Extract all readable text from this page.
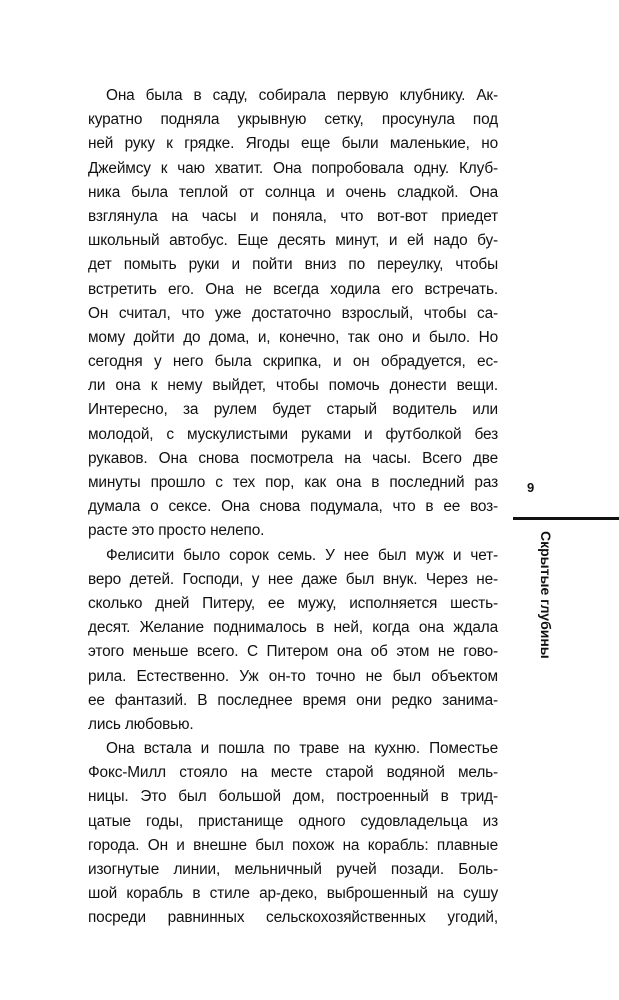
Она была в саду, собирала первую клубнику. Ак-
куратно подняла укрывную сетку, просунула под
ней руку к грядке. Ягоды еще были маленькие, но
Джеймсу к чаю хватит. Она попробовала одну. Клуб-
ника была теплой от солнца и очень сладкой. Она
взглянула на часы и поняла, что вот-вот приедет
школьный автобус. Еще десять минут, и ей надо бу-
дет помыть руки и пойти вниз по переулку, чтобы
встретить его. Она не всегда ходила его встречать.
Он считал, что уже достаточно взрослый, чтобы са-
мому дойти до дома, и, конечно, так оно и было. Но
сегодня у него была скрипка, и он обрадуется, ес-
ли она к нему выйдет, чтобы помочь донести вещи.
Интересно, за рулем будет старый водитель или
молодой, с мускулистыми руками и футболкой без
рукавов. Она снова посмотрела на часы. Всего две
минуты прошло с тех пор, как она в последний раз
думала о сексе. Она снова подумала, что в ее воз-
расте это просто нелепо.
Фелисити было сорок семь. У нее был муж и чет-
веро детей. Господи, у нее даже был внук. Через не-
сколько дней Питеру, ее мужу, исполняется шесть-
десят. Желание поднималось в ней, когда она ждала
этого меньше всего. С Питером она об этом не гово-
рила. Естественно. Уж он-то точно не был объектом
ее фантазий. В последнее время они редко занима-
лись любовью.
Она встала и пошла по траве на кухню. Поместье
Фокс-Милл стояло на месте старой водяной мель-
ницы. Это был большой дом, построенный в трид-
цатые годы, пристанище одного судовладельца из
города. Он и внешне был похож на корабль: плавные
изогнутые линии, мельничный ручей позади. Боль-
шой корабль в стиле ар-деко, выброшенный на сушу
посреди равнинных сельскохозяйственных угодий,
9
Скрытые глубины
